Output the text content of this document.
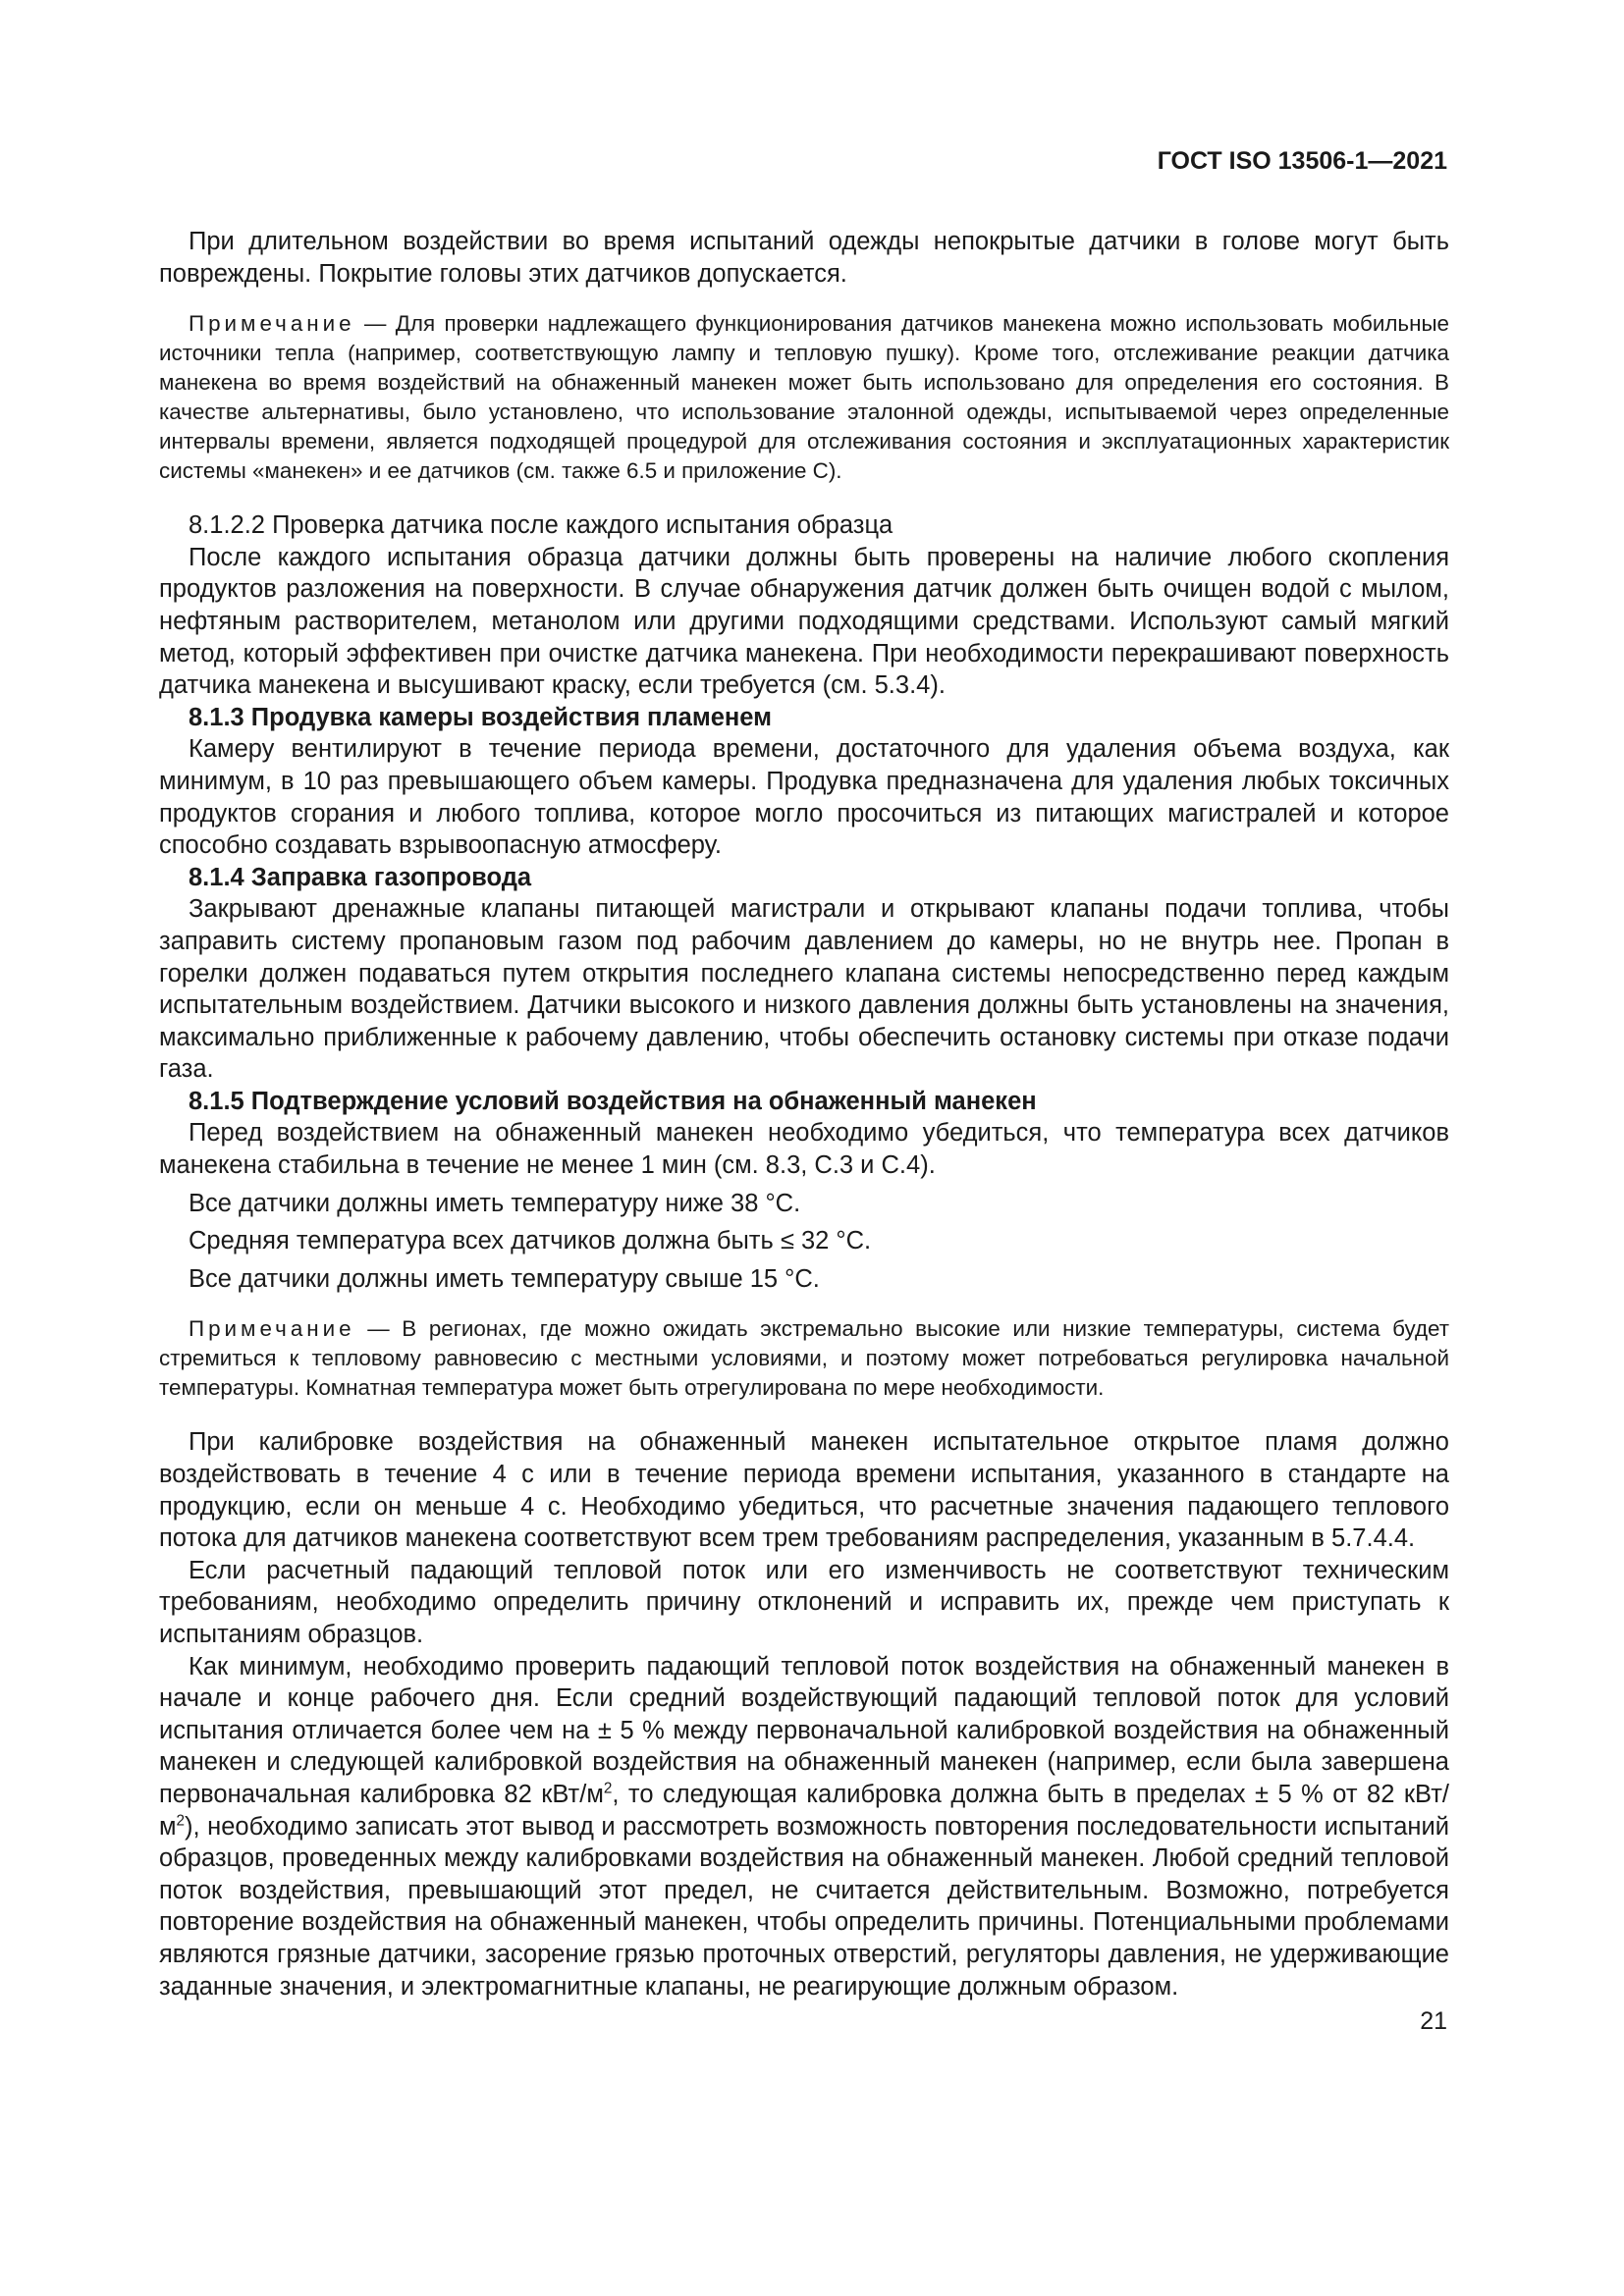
ГОСТ ISO 13506-1—2021

При длительном воздействии во время испытаний одежды непокрытые датчики в голове могут быть повреждены. Покрытие головы этих датчиков допускается.

Примечание — Для проверки надлежащего функционирования датчиков манекена можно использовать мобильные источники тепла (например, соответствующую лампу и тепловую пушку). Кроме того, отслеживание реакции датчика манекена во время воздействий на обнаженный манекен может быть использовано для определения его состояния. В качестве альтернативы, было установлено, что использование эталонной одежды, испытываемой через определенные интервалы времени, является подходящей процедурой для отслеживания состояния и эксплуатационных характеристик системы «манекен» и ее датчиков (см. также 6.5 и приложение С).

8.1.2.2 Проверка датчика после каждого испытания образца

После каждого испытания образца датчики должны быть проверены на наличие любого скопления продуктов разложения на поверхности. В случае обнаружения датчик должен быть очищен водой с мылом, нефтяным растворителем, метанолом или другими подходящими средствами. Используют самый мягкий метод, который эффективен при очистке датчика манекена. При необходимости перекрашивают поверхность датчика манекена и высушивают краску, если требуется (см. 5.3.4).

8.1.3 Продувка камеры воздействия пламенем

Камеру вентилируют в течение периода времени, достаточного для удаления объема воздуха, как минимум, в 10 раз превышающего объем камеры. Продувка предназначена для удаления любых токсичных продуктов сгорания и любого топлива, которое могло просочиться из питающих магистралей и которое способно создавать взрывоопасную атмосферу.

8.1.4 Заправка газопровода

Закрывают дренажные клапаны питающей магистрали и открывают клапаны подачи топлива, чтобы заправить систему пропановым газом под рабочим давлением до камеры, но не внутрь нее. Пропан в горелки должен подаваться путем открытия последнего клапана системы непосредственно перед каждым испытательным воздействием. Датчики высокого и низкого давления должны быть установлены на значения, максимально приближенные к рабочему давлению, чтобы обеспечить остановку системы при отказе подачи газа.

8.1.5 Подтверждение условий воздействия на обнаженный манекен

Перед воздействием на обнаженный манекен необходимо убедиться, что температура всех датчиков манекена стабильна в течение не менее 1 мин (см. 8.3, С.3 и С.4).

Все датчики должны иметь температуру ниже 38 °С.

Средняя температура всех датчиков должна быть ≤ 32 °С.

Все датчики должны иметь температуру свыше 15 °С.

Примечание — В регионах, где можно ожидать экстремально высокие или низкие температуры, система будет стремиться к тепловому равновесию с местными условиями, и поэтому может потребоваться регулировка начальной температуры. Комнатная температура может быть отрегулирована по мере необходимости.

При калибровке воздействия на обнаженный манекен испытательное открытое пламя должно воздействовать в течение 4 с или в течение периода времени испытания, указанного в стандарте на продукцию, если он меньше 4 с. Необходимо убедиться, что расчетные значения падающего теплового потока для датчиков манекена соответствуют всем трем требованиям распределения, указанным в 5.7.4.4.

Если расчетный падающий тепловой поток или его изменчивость не соответствуют техническим требованиям, необходимо определить причину отклонений и исправить их, прежде чем приступать к испытаниям образцов.

Как минимум, необходимо проверить падающий тепловой поток воздействия на обнаженный манекен в начале и конце рабочего дня. Если средний воздействующий падающий тепловой поток для условий испытания отличается более чем на ± 5 % между первоначальной калибровкой воздействия на обнаженный манекен и следующей калибровкой воздействия на обнаженный манекен (например, если была завершена первоначальная калибровка 82 кВт/$м^2$, то следующая калибровка должна быть в пределах ± 5 % от 82 кВт/$м^2$), необходимо записать этот вывод и рассмотреть возможность повторения последовательности испытаний образцов, проведенных между калибровками воздействия на обнаженный манекен. Любой средний тепловой поток воздействия, превышающий этот предел, не считается действительным. Возможно, потребуется повторение воздействия на обнаженный манекен, чтобы определить причины. Потенциальными проблемами являются грязные датчики, засорение грязью проточных отверстий, регуляторы давления, не удерживающие заданные значения, и электромагнитные клапаны, не реагирующие должным образом.

21
